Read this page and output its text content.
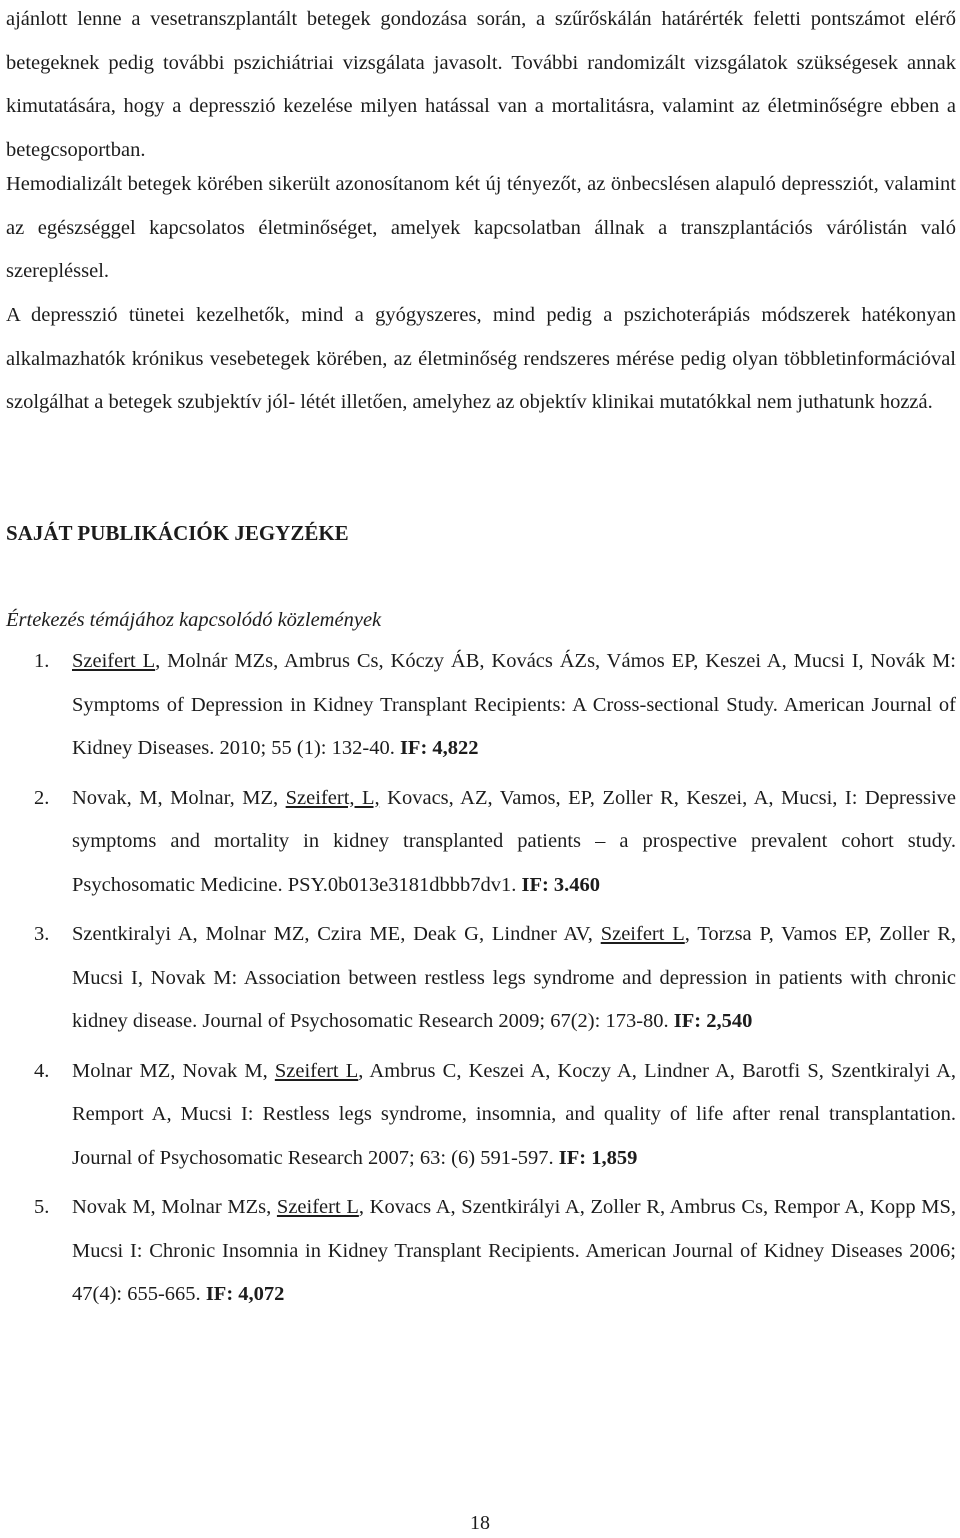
ajánlott lenne a vesetranszplantált betegek gondozása során, a szűrőskálán határérték feletti pontszámot elérő betegeknek pedig további pszichiátriai vizsgálata javasolt. További randomizált vizsgálatok szükségesek annak kimutatására, hogy a depresszió kezelése milyen hatással van a mortalitásra, valamint az életminőségre ebben a betegcsoportban.

Hemodializált betegek körében sikerült azonosítanom két új tényezőt, az önbecslésen alapuló depressziót, valamint az egészséggel kapcsolatos életminőséget, amelyek kapcsolatban állnak a transzplantációs várólistán való szerepléssel.

A depresszió tünetei kezelhetők, mind a gyógyszeres, mind pedig a pszichoterápiás módszerek hatékonyan alkalmazhatók krónikus vesebetegek körében, az életminőség rendszeres mérése pedig olyan többletinformációval szolgálhat a betegek szubjektív jól- létét illetően, amelyhez az objektív klinikai mutatókkal nem juthatunk hozzá.

SAJÁT PUBLIKÁCIÓK JEGYZÉKE

Értekezés témájához kapcsolódó közlemények

1.	Szeifert L, Molnár MZs, Ambrus Cs, Kóczy ÁB, Kovács ÁZs, Vámos EP, Keszei A, Mucsi I, Novák M: Symptoms of Depression in Kidney Transplant Recipients: A Cross-sectional Study. American Journal of Kidney Diseases. 2010; 55 (1): 132-40. IF: 4,822

2.	Novak, M, Molnar, MZ, Szeifert, L, Kovacs, AZ, Vamos, EP, Zoller R, Keszei, A, Mucsi, I: Depressive symptoms and mortality in kidney transplanted patients – a prospective prevalent cohort study. Psychosomatic Medicine. PSY.0b013e3181dbbb7dv1. IF: 3.460

3.	Szentkiralyi A, Molnar MZ, Czira ME, Deak G, Lindner AV, Szeifert L, Torzsa P, Vamos EP, Zoller R, Mucsi I, Novak M: Association between restless legs syndrome and depression in patients with chronic kidney disease. Journal of Psychosomatic Research 2009; 67(2): 173-80. IF: 2,540

4.	Molnar MZ, Novak M, Szeifert L, Ambrus C, Keszei A, Koczy A, Lindner A, Barotfi S, Szentkiralyi A, Remport A, Mucsi I: Restless legs syndrome, insomnia, and quality of life after renal transplantation. Journal of Psychosomatic Research 2007; 63: (6) 591-597. IF: 1,859

5.	Novak M, Molnar MZs, Szeifert L, Kovacs A, Szentkirályi A, Zoller R, Ambrus Cs, Rempor A, Kopp MS, Mucsi I: Chronic Insomnia in Kidney Transplant Recipients. American Journal of Kidney Diseases 2006; 47(4): 655-665. IF: 4,072

18
